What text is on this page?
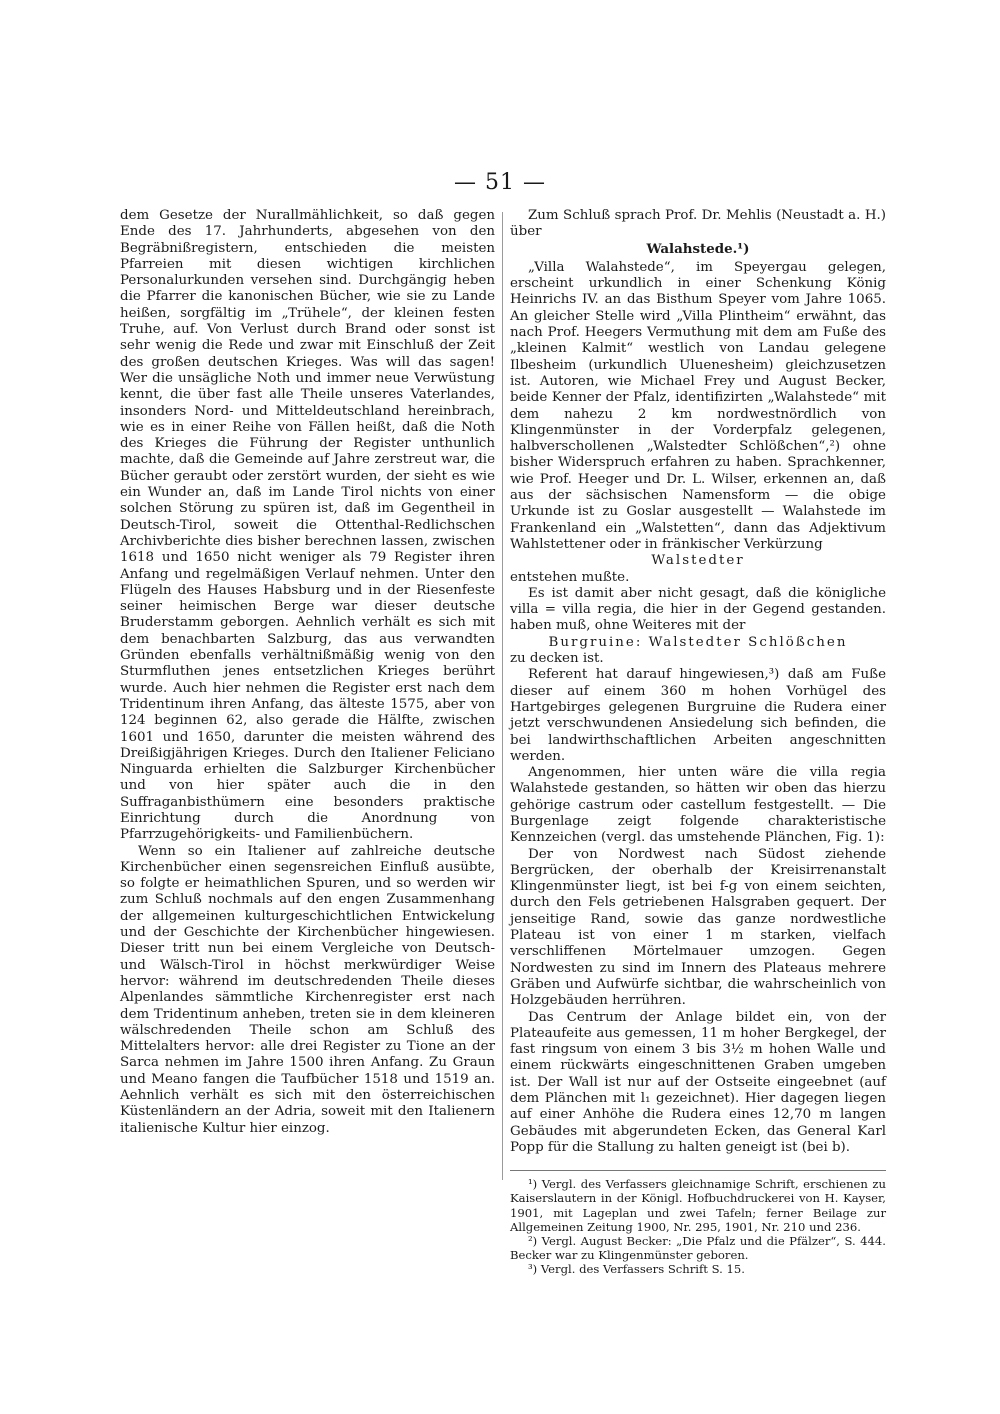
— 51 —

dem Gesetze der Nurallmählichkeit, so daß gegen Ende des 17. Jahrhunderts, abgesehen von den Begräbnißregistern, entschieden die meisten Pfarreien mit diesen wichtigen kirchlichen Personalurkunden versehen sind. Durchgängig heben die Pfarrer die kanonischen Bücher, wie sie zu Lande heißen, sorgfältig im „Trühele“, der kleinen festen Truhe, auf. Von Verlust durch Brand oder sonst ist sehr wenig die Rede und zwar mit Einschluß der Zeit des großen deutschen Krieges. Was will das sagen! Wer die unsägliche Noth und immer neue Verwüstung kennt, die über fast alle Theile unseres Vaterlandes, insonders Nord- und Mitteldeutschland hereinbrach, wie es in einer Reihe von Fällen heißt, daß die Noth des Krieges die Führung der Register unthunlich machte, daß die Gemeinde auf Jahre zerstreut war, die Bücher geraubt oder zerstört wurden, der sieht es wie ein Wunder an, daß im Lande Tirol nichts von einer solchen Störung zu spüren ist, daß im Gegentheil in Deutsch-Tirol, soweit die Ottenthal-Redlichschen Archivberichte dies bisher berechnen lassen, zwischen 1618 und 1650 nicht weniger als 79 Register ihren Anfang und regelmäßigen Verlauf nehmen. Unter den Flügeln des Hauses Habsburg und in der Riesenfeste seiner heimischen Berge war dieser deutsche Bruderstamm geborgen. Aehnlich verhält es sich mit dem benachbarten Salzburg, das aus verwandten Gründen ebenfalls verhältnißmäßig wenig von den Sturmfluthen jenes entsetzlichen Krieges berührt wurde. Auch hier nehmen die Register erst nach dem Tridentinum ihren Anfang, das älteste 1575, aber von 124 beginnen 62, also gerade die Hälfte, zwischen 1601 und 1650, darunter die meisten während des Dreißigjährigen Krieges. Durch den Italiener Feliciano Ninguarda erhielten die Salzburger Kirchenbücher und von hier später auch die in den Suffraganbisthümern eine besonders praktische Einrichtung durch die Anordnung von Pfarrzugehörigkeits- und Familienbüchern.

Wenn so ein Italiener auf zahlreiche deutsche Kirchenbücher einen segensreichen Einfluß ausübte, so folgte er heimathlichen Spuren, und so werden wir zum Schluß nochmals auf den engen Zusammenhang der allgemeinen kulturgeschichtlichen Entwickelung und der Geschichte der Kirchenbücher hingewiesen. Dieser tritt nun bei einem Vergleiche von Deutsch- und Wälsch-Tirol in höchst merkwürdiger Weise hervor: während im deutschredenden Theile dieses Alpenlandes sämmtliche Kirchenregister erst nach dem Tridentinum anheben, treten sie in dem kleineren wälschredenden Theile schon am Schluß des Mittelalters hervor: alle drei Register zu Tione an der Sarca nehmen im Jahre 1500 ihren Anfang. Zu Graun und Meano fangen die Taufbücher 1518 und 1519 an. Aehnlich verhält es sich mit den österreichischen Küstenländern an der Adria, soweit mit den Italienern italienische Kultur hier einzog.

Zum Schluß sprach Prof. Dr. Mehlis (Neustadt a. H.) über

Walahstede.¹)

„Villa Walahstede“, im Speyergau gelegen, erscheint urkundlich in einer Schenkung König Heinrichs IV. an das Bisthum Speyer vom Jahre 1065. An gleicher Stelle wird „Villa Plintheim“ erwähnt, das nach Prof. Heegers Vermuthung mit dem am Fuße des „kleinen Kalmit“ westlich von Landau gelegene Ilbesheim (urkundlich Uluenesheim) gleichzusetzen ist. Autoren, wie Michael Frey und August Becker, beide Kenner der Pfalz, identifizirten „Walahstede“ mit dem nahezu 2 km nordwestnördlich von Klingenmünster in der Vorderpfalz gelegenen, halbverschollenen „Walstedter Schlößchen“,²) ohne bisher Widerspruch erfahren zu haben. Sprachkenner, wie Prof. Heeger und Dr. L. Wilser, erkennen an, daß aus der sächsischen Namensform — die obige Urkunde ist zu Goslar ausgestellt — Walahstede im Frankenland ein „Walstetten“, dann das Adjektivum Wahlstettener oder in fränkischer Verkürzung

Walstedter

entstehen mußte.

Es ist damit aber nicht gesagt, daß die königliche villa = villa regia, die hier in der Gegend gestanden. haben muß, ohne Weiteres mit der

Burgruine: Walstedter Schlößchen

zu decken ist.

Referent hat darauf hingewiesen,³) daß am Fuße dieser auf einem 360 m hohen Vorhügel des Hartgebirges gelegenen Burgruine die Rudera einer jetzt verschwundenen Ansiedelung sich befinden, die bei landwirthschaftlichen Arbeiten angeschnitten werden.

Angenommen, hier unten wäre die villa regia Walahstede gestanden, so hätten wir oben das hierzu gehörige castrum oder castellum festgestellt. — Die Burgenlage zeigt folgende charakteristische Kennzeichen (vergl. das umstehende Plänchen, Fig. 1):

Der von Nordwest nach Südost ziehende Bergrücken, der oberhalb der Kreisirrenanstalt Klingenmünster liegt, ist bei f-g von einem seichten, durch den Fels getriebenen Halsgraben gequert. Der jenseitige Rand, sowie das ganze nordwestliche Plateau ist von einer 1 m starken, vielfach verschliffenen Mörtelmauer umzogen. Gegen Nordwesten zu sind im Innern des Plateaus mehrere Gräben und Aufwürfe sichtbar, die wahrscheinlich von Holzgebäuden herrühren.

Das Centrum der Anlage bildet ein, von der Plateaufeite aus gemessen, 11 m hoher Bergkegel, der fast ringsum von einem 3 bis 3½ m hohen Walle und einem rückwärts eingeschnittenen Graben umgeben ist. Der Wall ist nur auf der Ostseite eingeebnet (auf dem Plänchen mit l₁ gezeichnet). Hier dagegen liegen auf einer Anhöhe die Rudera eines 12,70 m langen Gebäudes mit abgerundeten Ecken, das General Karl Popp für die Stallung zu halten geneigt ist (bei b).

¹) Vergl. des Verfassers gleichnamige Schrift, erschienen zu Kaiserslautern in der Königl. Hofbuchdruckerei von H. Kayser, 1901, mit Lageplan und zwei Tafeln; ferner Beilage zur Allgemeinen Zeitung 1900, Nr. 295, 1901, Nr. 210 und 236.

²) Vergl. August Becker: „Die Pfalz und die Pfälzer“, S. 444. Becker war zu Klingenmünster geboren.

³) Vergl. des Verfassers Schrift S. 15.
